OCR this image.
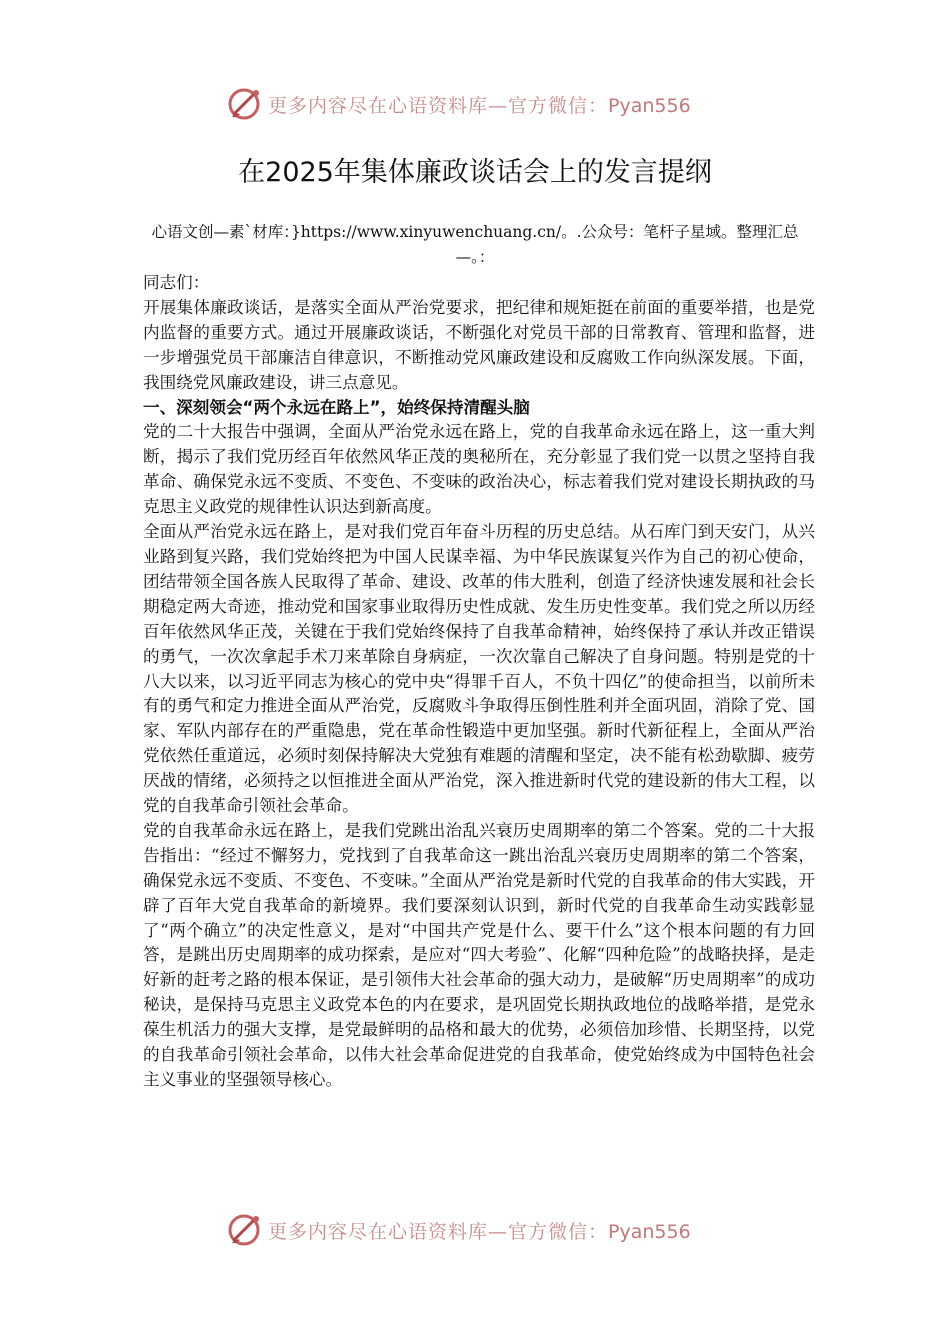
更多内容尽在心语资料库—官方微信：Pyan556
在2025年集体廉政谈话会上的发言提纲
心语文创—素`材库：}https://www.xinyuwenchuang.cn/。.公众号：笔杆子星域。整理汇总—。：

同志们：

开展集体廉政谈话，是落实全面从严治党要求，把纪律和规矩挺在前面的重要举措，也是党内监督的重要方式。通过开展廉政谈话，不断强化对党员干部的日常教育、管理和监督，进一步增强党员干部廉洁自律意识，不断推动党风廉政建设和反腐败工作向纵深发展。下面，我围绕党风廉政建设，讲三点意见。

一、深刻领会“两个永远在路上”，始终保持清醒头脑

党的二十大报告中强调，全面从严治党永远在路上，党的自我革命永远在路上，这一重大判断，揭示了我们党历经百年依然风华正茂的奥秘所在，充分彰显了我们党一以贯之坚持自我革命、确保党永远不变质、不变色、不变味的政治决心，标志着我们党对建设长期执政的马克思主义政党的规律性认识达到新高度。

全面从严治党永远在路上，是对我们党百年奋斗历程的历史总结。从石库门到天安门，从兴业路到复兴路，我们党始终把为中国人民谋幸福、为中华民族谋复兴作为自己的初心使命，团结带领全国各族人民取得了革命、建设、改革的伟大胜利，创造了经济快速发展和社会长期稳定两大奇迹，推动党和国家事业取得历史性成就、发生历史性变革。我们党之所以历经百年依然风华正茂，关键在于我们党始终保持了自我革命精神，始终保持了承认并改正错误的勇气，一次次拿起手术刀来革除自身病症，一次次靠自己解决了自身问题。特别是党的十八大以来，以习近平同志为核心的党中央“得罪千百人，不负十四亿”的使命担当，以前所未有的勇气和定力推进全面从严治党，反腐败斗争取得压倒性胜利并全面巩固，消除了党、国家、军队内部存在的严重隐患，党在革命性锻造中更加坚强。新时代新征程上，全面从严治党依然任重道远，必须时刻保持解决大党独有难题的清醒和坚定，决不能有松劲歇脚、疲劳厌战的情绪，必须持之以恒推进全面从严治党，深入推进新时代党的建设新的伟大工程，以党的自我革命引领社会革命。

党的自我革命永远在路上，是我们党跳出治乱兴衰历史周期率的第二个答案。党的二十大报告指出：“经过不懈努力，党找到了自我革命这一跳出治乱兴衰历史周期率的第二个答案，确保党永远不变质、不变色、不变味。”全面从严治党是新时代党的自我革命的伟大实践，开辟了百年大党自我革命的新境界。我们要深刻认识到，新时代党的自我革命生动实践彰显了“两个确立”的决定性意义，是对“中国共产党是什么、要干什么”这个根本问题的有力回答，是跳出历史周期率的成功探索，是应对“四大考验”、化解“四种危险”的战略抉择，是走好新的赶考之路的根本保证，是引领伟大社会革命的强大动力，是破解“历史周期率”的成功秘诀，是保持马克思主义政党本色的内在要求，是巩固党长期执政地位的战略举措，是党永葆生机活力的强大支撑，是党最鲜明的品格和最大的优势，必须倍加珍惜、长期坚持，以党的自我革命引领社会革命，以伟大社会革命促进党的自我革命，使党始终成为中国特色社会主义事业的坚强领导核心。

更多内容尽在心语资料库—官方微信：Pyan556
